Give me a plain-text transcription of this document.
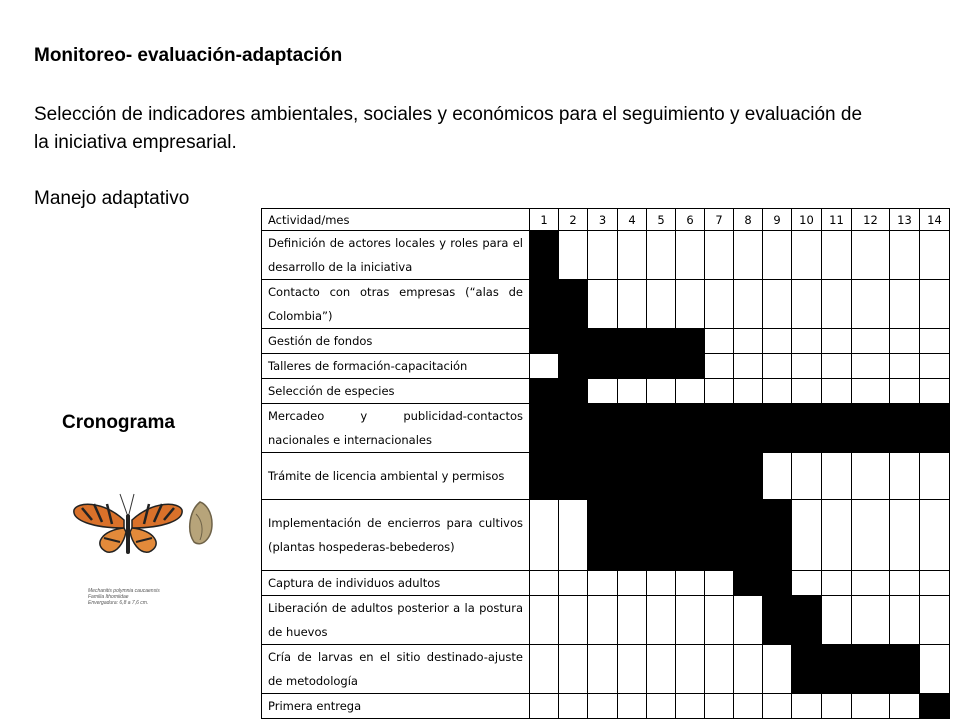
Monitoreo- evaluación-adaptación

Selección de indicadores ambientales, sociales y económicos para el seguimiento y evaluación de la iniciativa empresarial.

Manejo adaptativo

Cronograma

Mechanitis polymnia caucaensis
Familia Ithomiidae
Envergadura: 6,8 a 7,6 cm.
Actividad/mes	1	2	3	4	5	6	7	8	9	10	11	12	13	14
Definición de actores locales y roles para el desarrollo de la iniciativa														
Contacto con otras empresas (“alas de Colombia”)														
Gestión de fondos														
Talleres de formación-capacitación														
Selección de especies														
Mercadeo y publicidad-contactos nacionales e internacionales														
Trámite de licencia ambiental y permisos														
Implementación de encierros para cultivos (plantas hospederas-bebederos)														
Captura de individuos adultos														
Liberación de adultos posterior a la postura de huevos														
Cría de larvas en el sitio destinado-ajuste de metodología														
Primera entrega														
